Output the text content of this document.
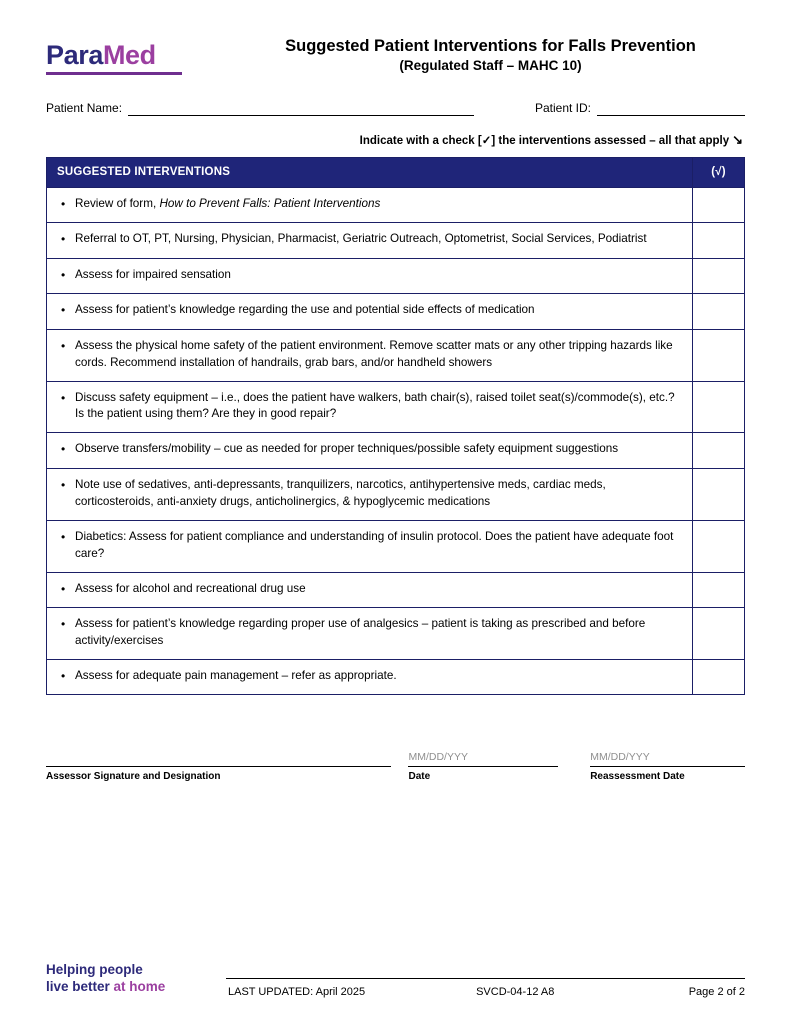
ParaMed	Suggested Patient Interventions for Falls Prevention
(Regulated Staff – MAHC 10)
Patient Name:	Patient ID:
Indicate with a check [✓] the interventions assessed – all that apply ↘
SUGGESTED INTERVENTIONS	(√)

• Review of form, How to Prevent Falls: Patient Interventions	

• Referral to OT, PT, Nursing, Physician, Pharmacist, Geriatric Outreach, Optometrist, Social Services, Podiatrist	

• Assess for impaired sensation	

• Assess for patient’s knowledge regarding the use and potential side effects of medication	

• Assess the physical home safety of the patient environment. Remove scatter mats or any other tripping hazards like cords. Recommend installation of handrails, grab bars, and/or handheld showers	

• Discuss safety equipment – i.e., does the patient have walkers, bath chair(s), raised toilet seat(s)/commode(s), etc.? Is the patient using them? Are they in good repair?	

• Observe transfers/mobility – cue as needed for proper techniques/possible safety equipment suggestions	

• Note use of sedatives, anti-depressants, tranquilizers, narcotics, antihypertensive meds, cardiac meds, corticosteroids, anti-anxiety drugs, anticholinergics, & hypoglycemic medications	

• Diabetics: Assess for patient compliance and understanding of insulin protocol. Does the patient have adequate foot care?	

• Assess for alcohol and recreational drug use	

• Assess for patient’s knowledge regarding proper use of analgesics – patient is taking as prescribed and before activity/exercises	

• Assess for adequate pain management – refer as appropriate.	

Assessor Signature and Designation
MM/DD/YYY
Date
MM/DD/YYY
Reassessment Date
Helping people
live better at home	LAST UPDATED: April 2025	SVCD-04-12 A8	Page 2 of 2
